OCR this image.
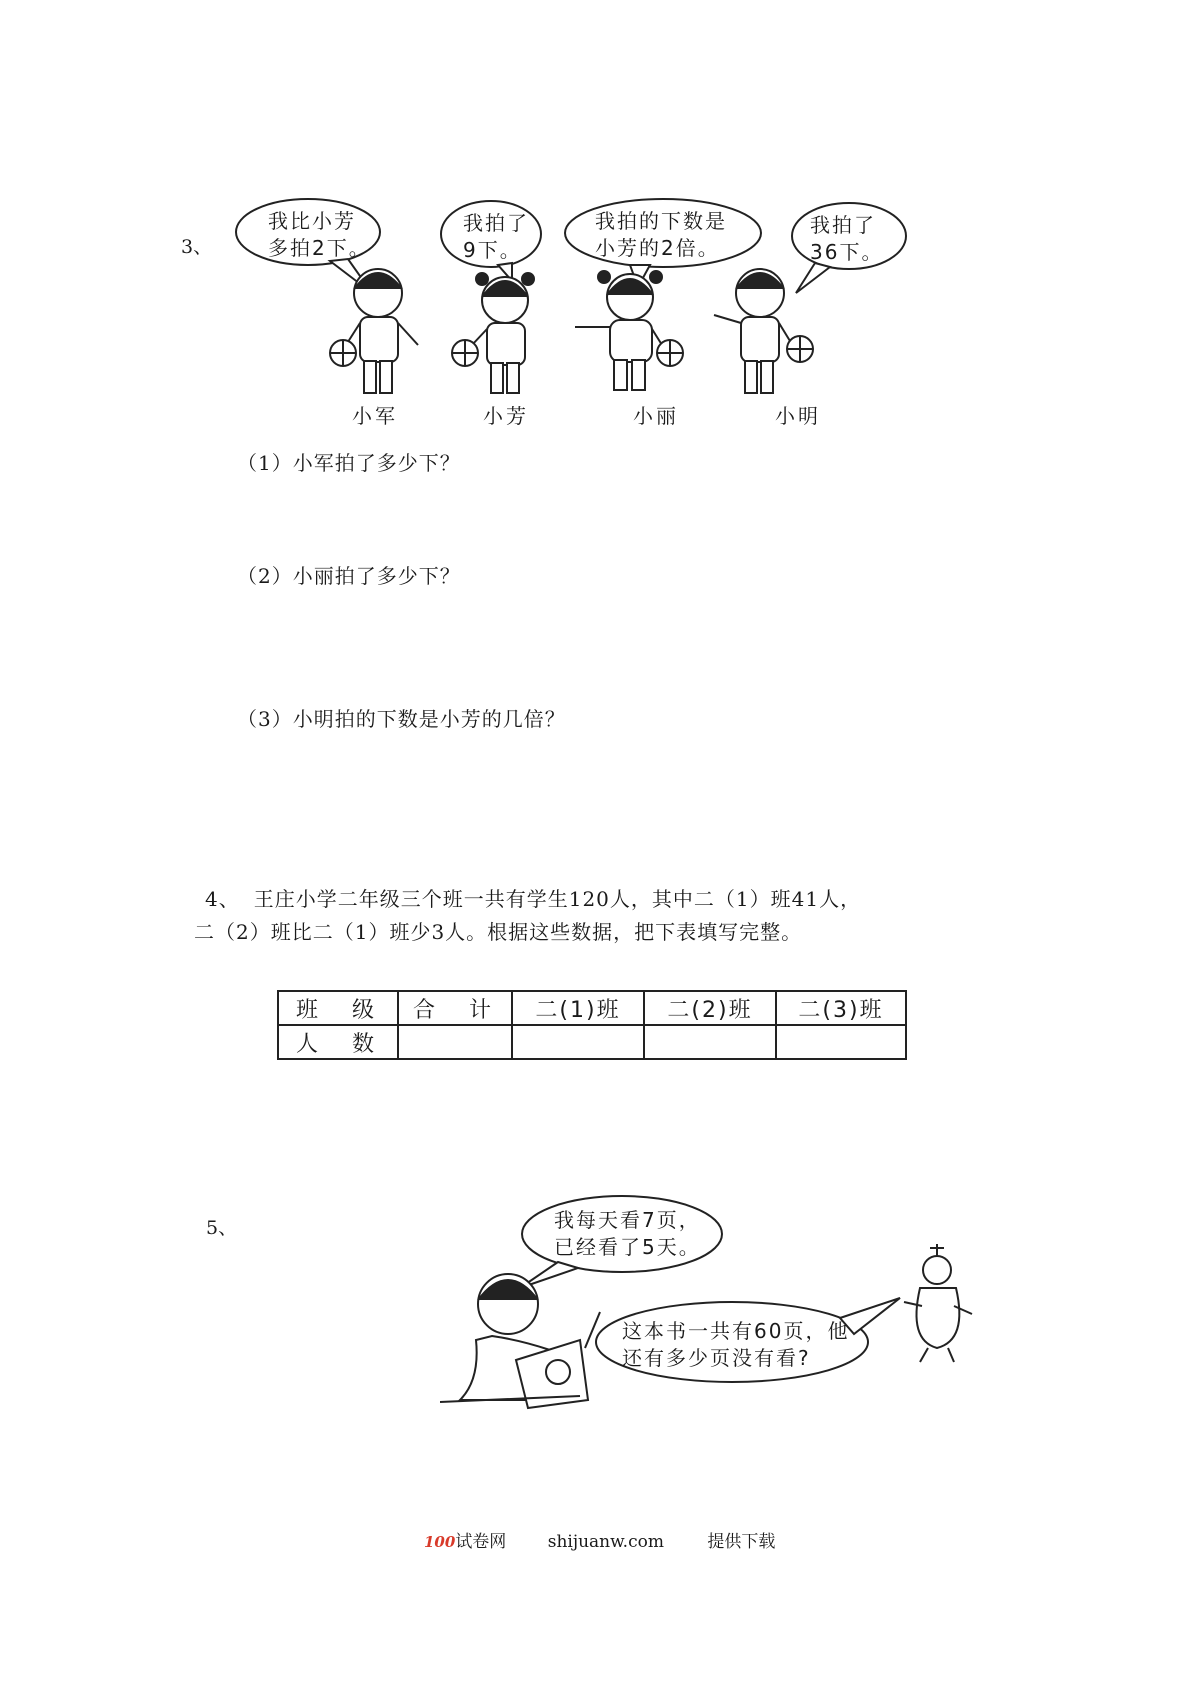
3、
我比小芳
多拍2下。
我拍了
9下。
我拍的下数是
小芳的2倍。
我拍了
36下。
小军	小芳	小丽	小明
（1）小军拍了多少下？
（2）小丽拍了多少下？
（3）小明拍的下数是小芳的几倍？
4、 王庄小学二年级三个班一共有学生120人，其中二（1）班41人，
二（2）班比二（1）班少3人。根据这些数据，把下表填写完整。
班　级	合　计	二(1)班	二(2)班	二(3)班
人　数				
5、	我每天看7页，
已经看了5天。
这本书一共有60页，他
还有多少页没有看?
100试卷网 shijuanw.com	提供下载
